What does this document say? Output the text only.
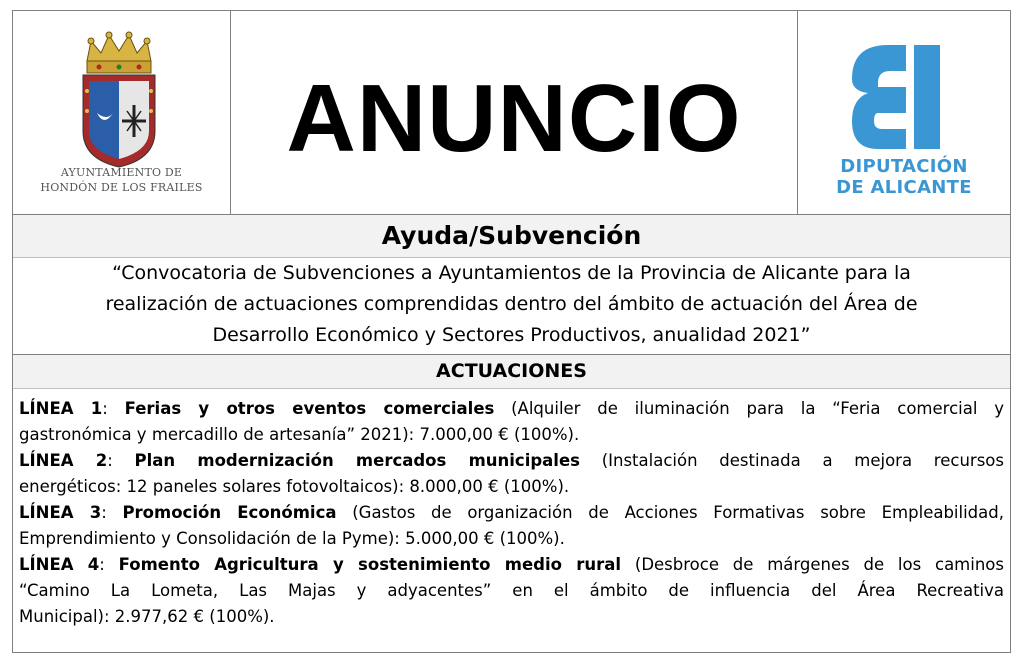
AYUNTAMIENTO DE
HONDÓN DE LOS FRAILES
ANUNCIO	DIPUTACIÓN
DE ALICANTE
Ayuda/Subvención
“Convocatoria de Subvenciones a Ayuntamientos de la Provincia de Alicante para la
realización de actuaciones comprendidas dentro del ámbito de actuación del Área de
Desarrollo Económico y Sectores Productivos, anualidad 2021”
ACTUACIONES
LÍNEA 1: Ferias y otros eventos comerciales (Alquiler de iluminación para la “Feria comercial y
gastronómica y mercadillo de artesanía” 2021): 7.000,00 € (100%).
LÍNEA 2: Plan modernización mercados municipales (Instalación destinada a mejora recursos
energéticos: 12 paneles solares fotovoltaicos): 8.000,00 € (100%).
LÍNEA 3: Promoción Económica (Gastos de organización de Acciones Formativas sobre Empleabilidad,
Emprendimiento y Consolidación de la Pyme): 5.000,00 € (100%).
LÍNEA 4: Fomento Agricultura y sostenimiento medio rural (Desbroce de márgenes de los caminos
“Camino La Lometa, Las Majas y adyacentes” en el ámbito de influencia del Área Recreativa
Municipal): 2.977,62 € (100%).
